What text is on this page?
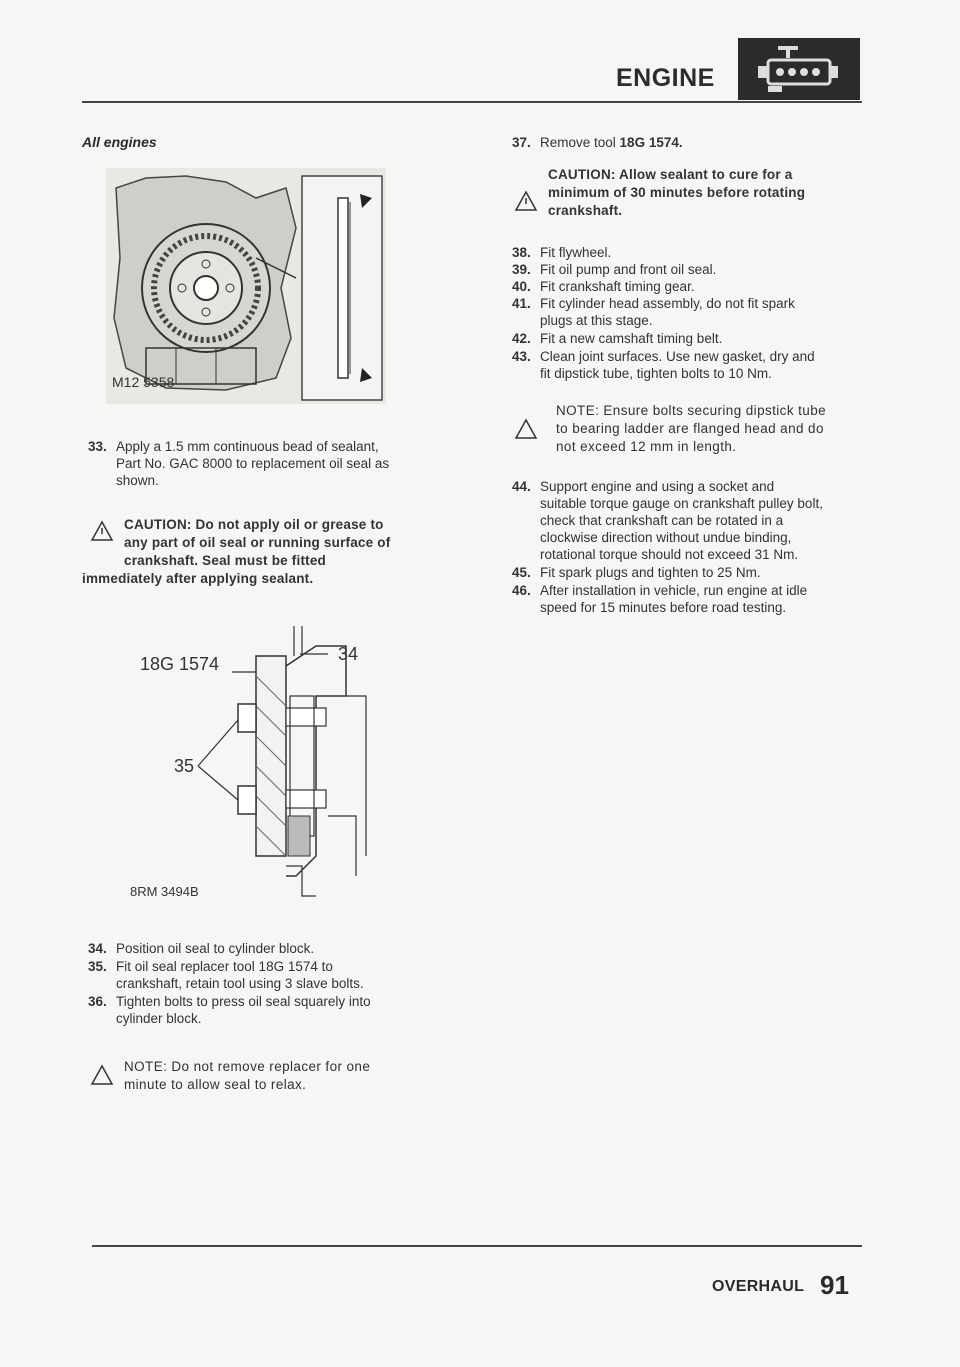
ENGINE
All engines
M12 5358
33. Apply a 1.5 mm continuous bead of sealant,
Part No. GAC 8000 to replacement oil seal as
shown.
CAUTION: Do not apply oil or grease to
any part of oil seal or running surface of
crankshaft. Seal must be fitted
immediately after applying sealant.
18G 1574	34
35
8RM 3494B
34. Position oil seal to cylinder block.
35. Fit oil seal replacer tool 18G 1574 to
crankshaft, retain tool using 3 slave bolts.
36. Tighten bolts to press oil seal squarely into
cylinder block.
NOTE: Do not remove replacer for one
minute to allow seal to relax.
37. Remove tool 18G 1574.
CAUTION: Allow sealant to cure for a
minimum of 30 minutes before rotating
crankshaft.
38. Fit flywheel.
39. Fit oil pump and front oil seal.
40. Fit crankshaft timing gear.
41. Fit cylinder head assembly, do not fit spark
plugs at this stage.
42. Fit a new camshaft timing belt.
43. Clean joint surfaces. Use new gasket, dry and
fit dipstick tube, tighten bolts to 10 Nm.
NOTE: Ensure bolts securing dipstick tube
to bearing ladder are flanged head and do
not exceed 12 mm in length.
44. Support engine and using a socket and
suitable torque gauge on crankshaft pulley bolt,
check that crankshaft can be rotated in a
clockwise direction without undue binding,
rotational torque should not exceed 31 Nm.
45. Fit spark plugs and tighten to 25 Nm.
46. After installation in vehicle, run engine at idle
speed for 15 minutes before road testing.
OVERHAUL 91
